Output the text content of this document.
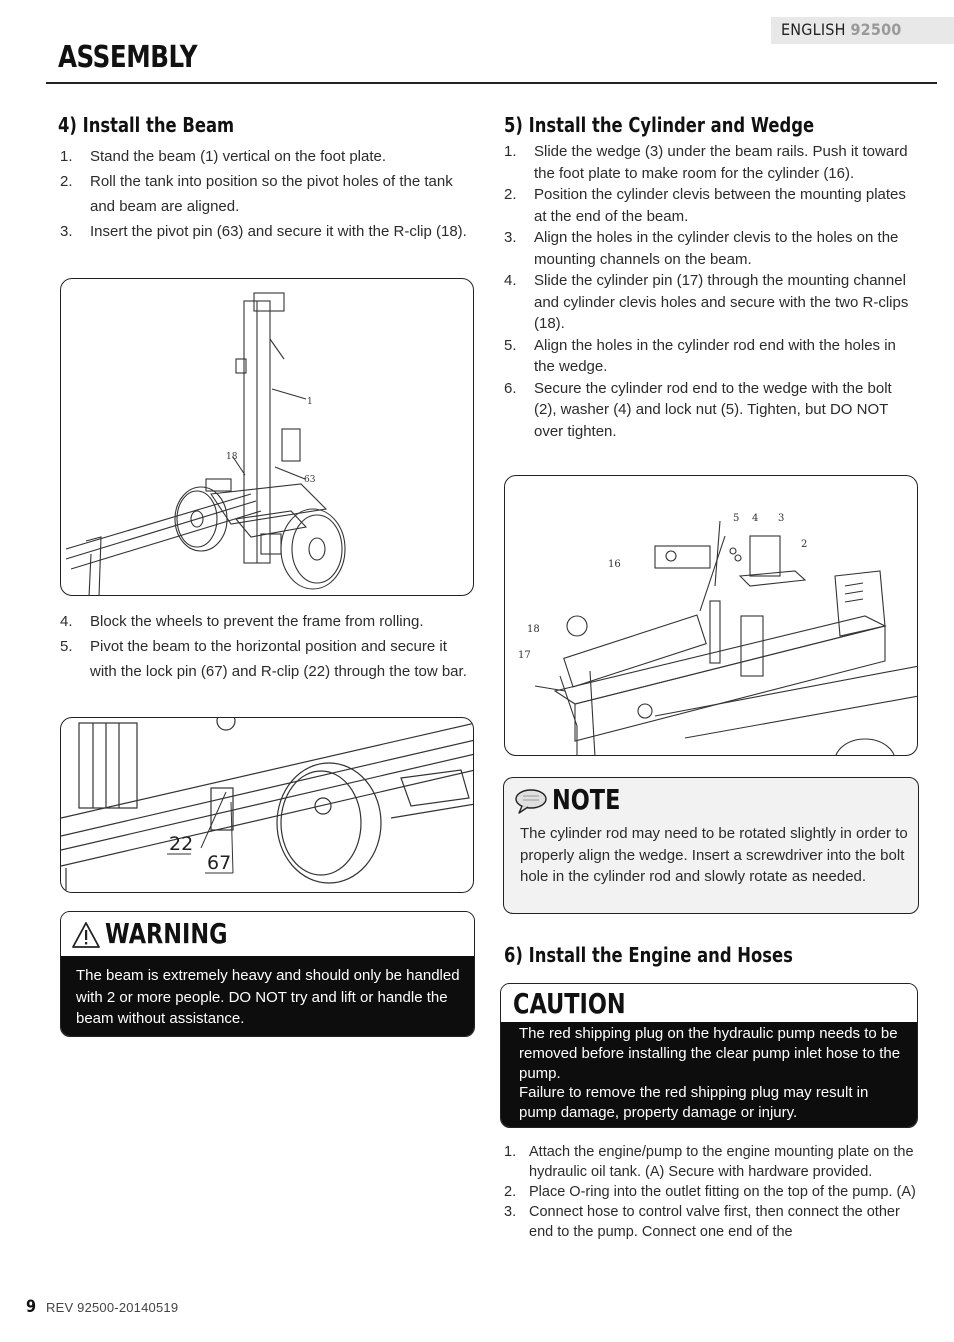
ENGLISH 92500
ASSEMBLY
4) Install the Beam
1. Stand the beam (1) vertical on the foot plate.
2. Roll the tank into position so the pivot holes of the tank and beam are aligned.
3. Insert the pivot pin (63) and secure it with the R-clip (18).
1
18
63
4. Block the wheels to prevent the frame from rolling.
5. Pivot the beam to the horizontal position and secure it with the lock pin (67) and R-clip (22) through the tow bar.
22
67
WARNING
The beam is extremely heavy and should only be handled with 2 or more people. DO NOT try and lift or handle the beam without assistance.
5) Install the Cylinder and Wedge
1. Slide the wedge (3) under the beam rails. Push it toward the foot plate to make room for the cylinder (16).
2. Position the cylinder clevis between the mounting plates at the end of the beam.
3. Align the holes in the cylinder clevis to the holes on the mounting channels on the beam.
4. Slide the cylinder pin (17) through the mounting channel and cylinder clevis holes and secure with the two R-clips (18).
5. Align the holes in the cylinder rod end with the holes in the wedge.
6. Secure the cylinder rod end to the wedge with the bolt (2), washer (4) and lock nut (5). Tighten, but DO NOT over tighten.
5 4 3
2
16
18
17
NOTE
The cylinder rod may need to be rotated slightly in order to properly align the wedge. Insert a screwdriver into the bolt hole in the cylinder rod and slowly rotate as needed.
6) Install the Engine and Hoses
CAUTION
The red shipping plug on the hydraulic pump needs to be removed before installing the clear pump inlet hose to the pump.
Failure to remove the red shipping plug may result in pump damage, property damage or injury.
1. Attach the engine/pump to the engine mounting plate on the hydraulic oil tank. (A) Secure with hardware provided.
2. Place O-ring into the outlet fitting on the top of the pump. (A)
3. Connect hose to control valve first, then connect the other end to the pump. Connect one end of the
9 REV 92500-20140519
